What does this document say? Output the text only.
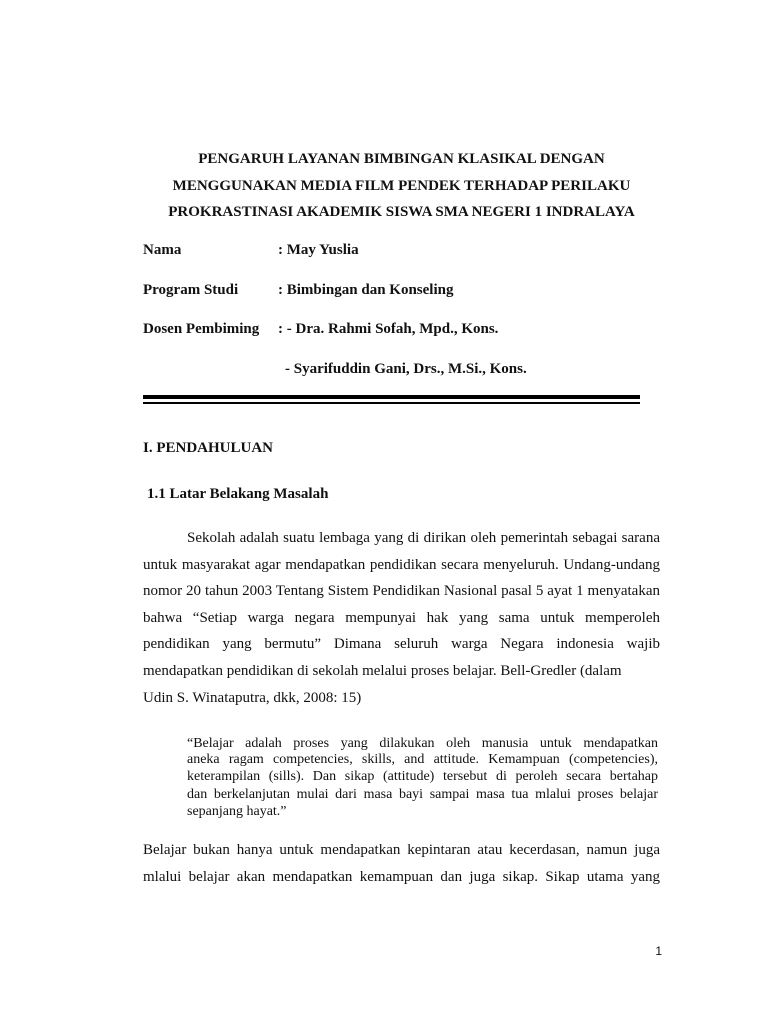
PENGARUH LAYANAN BIMBINGAN KLASIKAL DENGAN
MENGGUNAKAN MEDIA FILM PENDEK TERHADAP PERILAKU
PROKRASTINASI AKADEMIK SISWA SMA NEGERI 1 INDRALAYA
Nama	: May Yuslia
Program Studi	: Bimbingan dan Konseling
Dosen Pembiming : - Dra. Rahmi Sofah, Mpd., Kons.
- Syarifuddin Gani, Drs., M.Si., Kons.
I. PENDAHULUAN
1.1 Latar Belakang Masalah
Sekolah adalah suatu lembaga yang di dirikan oleh pemerintah sebagai sarana
untuk masyarakat agar mendapatkan pendidikan secara menyeluruh. Undang-undang
nomor 20 tahun 2003 Tentang Sistem Pendidikan Nasional pasal 5 ayat 1 menyatakan
bahwa “Setiap warga negara mempunyai hak yang sama untuk memperoleh
pendidikan yang bermutu” Dimana seluruh warga Negara indonesia wajib
mendapatkan pendidikan di sekolah melalui proses belajar. Bell-Gredler (dalam
Udin S. Winataputra, dkk, 2008: 15)
“Belajar adalah proses yang dilakukan oleh manusia untuk mendapatkan
aneka ragam competencies, skills, and attitude. Kemampuan (competencies),
keterampilan (sills). Dan sikap (attitude) tersebut di peroleh secara bertahap
dan berkelanjutan mulai dari masa bayi sampai masa tua mlalui proses belajar
sepanjang hayat.”
Belajar bukan hanya untuk mendapatkan kepintaran atau kecerdasan, namun juga
mlalui belajar akan mendapatkan kemampuan dan juga sikap. Sikap utama yang
1
